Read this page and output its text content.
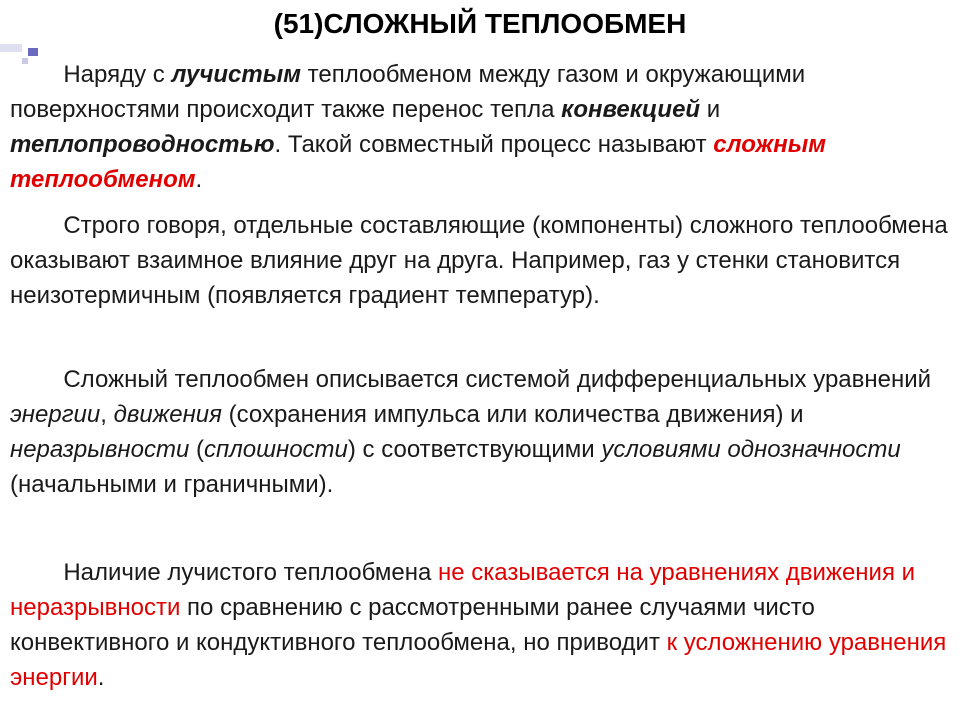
(51)СЛОЖНЫЙ ТЕПЛООБМЕН

Наряду с лучистым теплообменом между газом и окружающими поверхностями происходит также перенос тепла конвекцией и теплопроводностью. Такой совместный процесс называют сложным теплообменом.

Строго говоря, отдельные составляющие (компоненты) сложного теплообмена оказывают взаимное влияние друг на друга. Например, газ у стенки становится неизотермичным (появляется градиент температур).

Сложный теплообмен описывается системой дифференциальных уравнений энергии, движения (сохранения импульса или количества движения) и неразрывности (сплошности) с соответствующими условиями однозначности (начальными и граничными).

Наличие лучистого теплообмена не сказывается на уравнениях движения и неразрывности по сравнению с рассмотренными ранее случаями чисто конвективного и кондуктивного теплообмена, но приводит к усложнению уравнения энергии.
